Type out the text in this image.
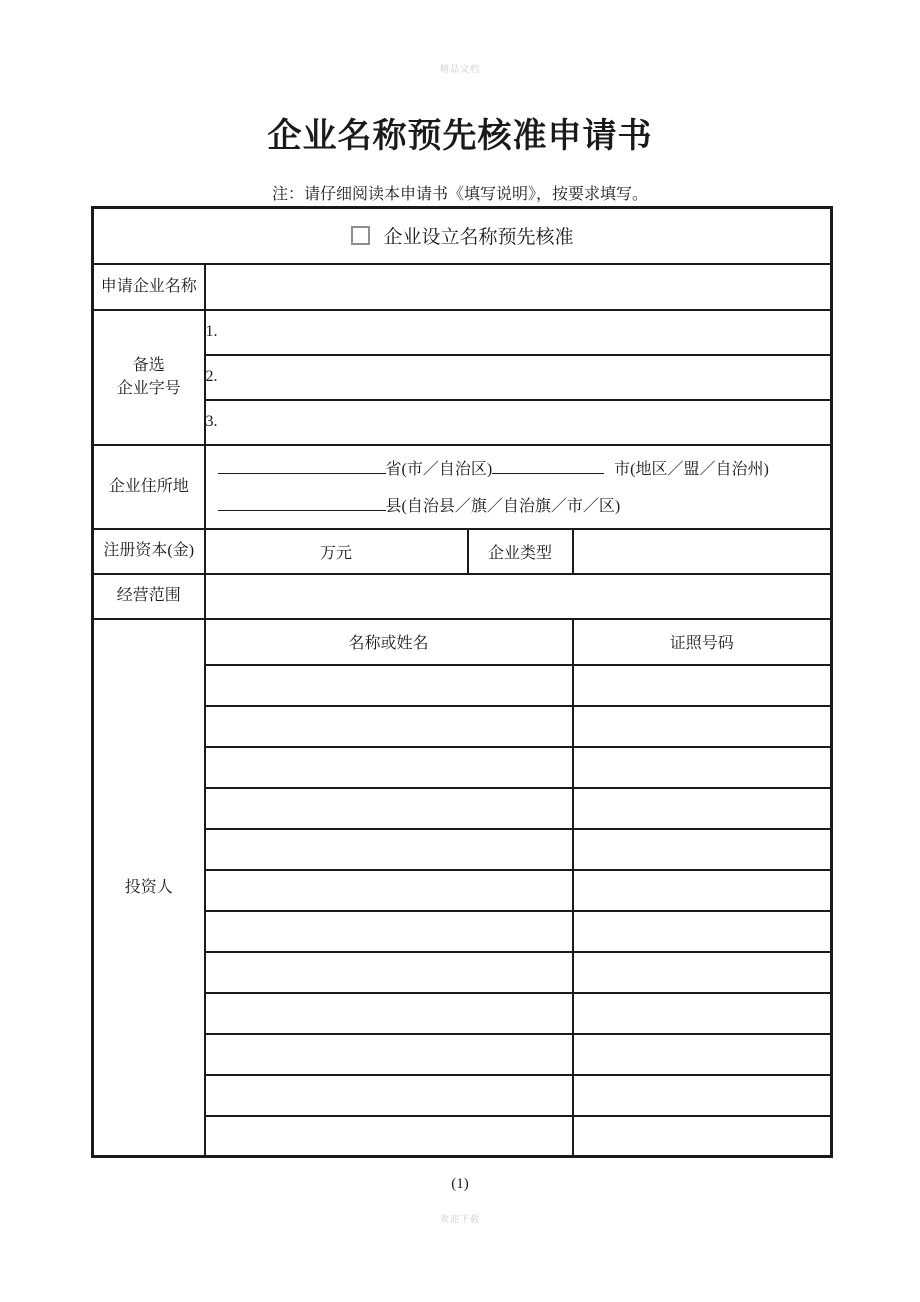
精品文档
企业名称预先核准申请书
注：请仔细阅读本申请书《填写说明》，按要求填写。
企业设立名称预先核准			

申请企业名称			
备选
企业字号	1.		
	2.		
	3.		
企业住所地	省(市／自治区) 市(地区／盟／自治州)
县(自治县／旗／自治旗／市／区)		

注册资本(金)	万元	企业类型	
经营范围			
投资人	名称或姓名		证照号码

(1)
欢迎下载
